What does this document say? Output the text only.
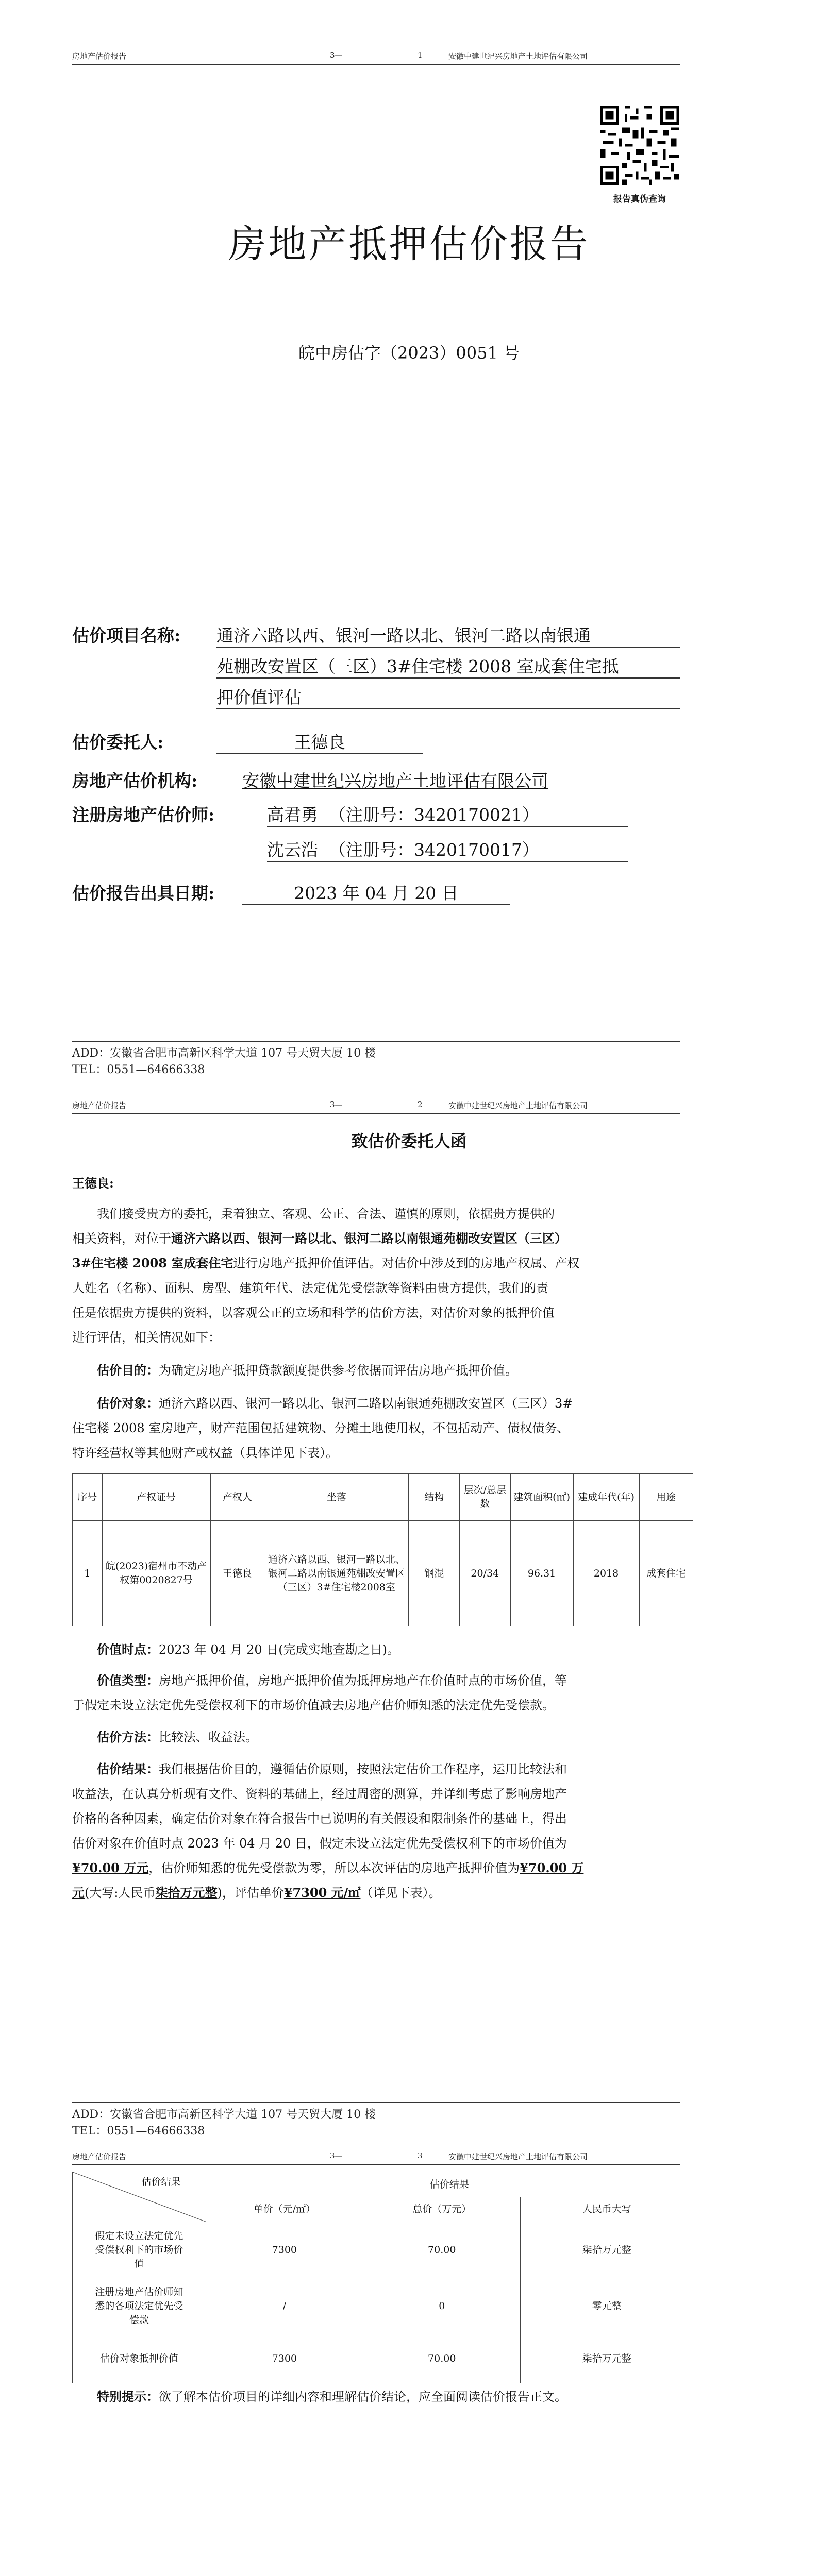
房地产估价报告	3—	1	安徽中建世纪兴房地产土地评估有限公司
报告真伪查询
房地产抵押估价报告
皖中房估字（2023）0051 号
估价项目名称: 通济六路以西、银河一路以北、银河二路以南银通
苑棚改安置区（三区）3#住宅楼 2008 室成套住宅抵
押价值评估
估价委托人:	王德良
房地产估价机构:	安徽中建世纪兴房地产土地评估有限公司
注册房地产估价师:	高君勇  （注册号：3420170021）
沈云浩  （注册号：3420170017）
估价报告出具日期:	2023 年 04 月 20 日
ADD：安徽省合肥市高新区科学大道 107 号天贸大厦 10 楼
TEL：0551—64666338
房地产估价报告	3—	2	安徽中建世纪兴房地产土地评估有限公司
致估价委托人函
王德良:
我们接受贵方的委托，秉着独立、客观、公正、合法、谨慎的原则，依据贵方提供的
相关资料，对位于通济六路以西、银河一路以北、银河二路以南银通苑棚改安置区（三区）
3#住宅楼 2008 室成套住宅进行房地产抵押价值评估。对估价中涉及到的房地产权属、产权
人姓名（名称）、面积、房型、建筑年代、法定优先受偿款等资料由贵方提供，我们的责
任是依据贵方提供的资料，以客观公正的立场和科学的估价方法，对估价对象的抵押价值
进行评估，相关情况如下：
估价目的：为确定房地产抵押贷款额度提供参考依据而评估房地产抵押价值。
估价对象：通济六路以西、银河一路以北、银河二路以南银通苑棚改安置区（三区）3#
住宅楼 2008 室房地产，财产范围包括建筑物、分摊土地使用权，不包括动产、债权债务、
特许经营权等其他财产或权益（具体详见下表）。
序号	产权证号	产权人	坐落	结构	层次/总层数	建筑面积(㎡)	建成年代(年)	用途
1	皖(2023)宿州市不动产权第0020827号	王德良	通济六路以西、银河一路以北、银河二路以南银通苑棚改安置区（三区）3#住宅楼2008室	钢混	20/34	96.31	2018	成套住宅
价值时点：2023 年 04 月 20 日(完成实地查勘之日)。
价值类型：房地产抵押价值，房地产抵押价值为抵押房地产在价值时点的市场价值，等
于假定未设立法定优先受偿权利下的市场价值减去房地产估价师知悉的法定优先受偿款。
估价方法：比较法、收益法。
估价结果：我们根据估价目的，遵循估价原则，按照法定估价工作程序，运用比较法和
收益法，在认真分析现有文件、资料的基础上，经过周密的测算，并详细考虑了影响房地产
价格的各种因素，确定估价对象在符合报告中已说明的有关假设和限制条件的基础上，得出
估价对象在价值时点 2023 年 04 月 20 日，假定未设立法定优先受偿权利下的市场价值为
¥70.00 万元，估价师知悉的优先受偿款为零，所以本次评估的房地产抵押价值为¥70.00 万
元(大写:人民币柒拾万元整)，评估单价¥7300 元/㎡（详见下表）。
ADD：安徽省合肥市高新区科学大道 107 号天贸大厦 10 楼
TEL：0551—64666338
房地产估价报告	3—	3	安徽中建世纪兴房地产土地评估有限公司
估价结果	估价结果		
	单价（元/㎡）	总价（万元）	人民币大写
假定未设立法定优先受偿权利下的市场价值	7300	70.00	柒拾万元整
注册房地产估价师知悉的各项法定优先受偿款	/	0	零元整
估价对象抵押价值	7300	70.00	柒拾万元整
特别提示：欲了解本估价项目的详细内容和理解估价结论，应全面阅读估价报告正文。
